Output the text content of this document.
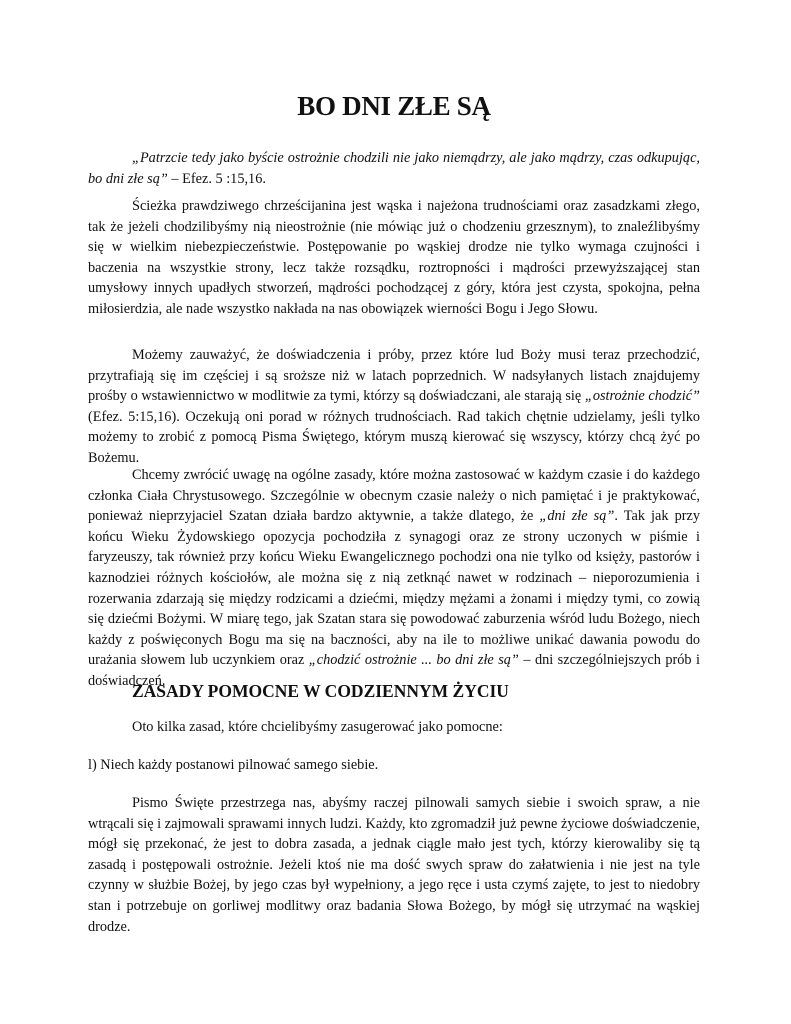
BO DNI ZŁE SĄ

„Patrzcie tedy jako byście ostrożnie chodzili nie jako niemądrzy, ale jako mądrzy, czas odkupując, bo dni złe są” – Efez. 5 :15,16.

Ścieżka prawdziwego chrześcijanina jest wąska i najeżona trudnościami oraz zasadzkami złego, tak że jeżeli chodzilibyśmy nią nieostrożnie (nie mówiąc już o chodzeniu grzesznym), to znaleźlibyśmy się w wielkim niebezpieczeństwie. Postępowanie po wąskiej drodze nie tylko wymaga czujności i baczenia na wszystkie strony, lecz także rozsądku, roztropności i mądrości przewyższającej stan umysłowy innych upadłych stworzeń, mądrości pochodzącej z góry, która jest czysta, spokojna, pełna miłosierdzia, ale nade wszystko nakłada na nas obowiązek wierności Bogu i Jego Słowu.

Możemy zauważyć, że doświadczenia i próby, przez które lud Boży musi teraz przechodzić, przytrafiają się im częściej i są sroższe niż w latach poprzednich. W nadsyłanych listach znajdujemy prośby o wstawiennictwo w modlitwie za tymi, którzy są doświadczani, ale starają się „ostrożnie chodzić” (Efez. 5:15,16). Oczekują oni porad w różnych trudnościach. Rad takich chętnie udzielamy, jeśli tylko możemy to zrobić z pomocą Pisma Świętego, którym muszą kierować się wszyscy, którzy chcą żyć po Bożemu.

Chcemy zwrócić uwagę na ogólne zasady, które można zastosować w każdym czasie i do każdego członka Ciała Chrystusowego. Szczególnie w obecnym czasie należy o nich pamiętać i je praktykować, ponieważ nieprzyjaciel Szatan działa bardzo aktywnie, a także dlatego, że „dni złe są”. Tak jak przy końcu Wieku Żydowskiego opozycja pochodziła z synagogi oraz ze strony uczonych w piśmie i faryzeuszy, tak również przy końcu Wieku Ewangelicznego pochodzi ona nie tylko od księży, pastorów i kaznodziei różnych kościołów, ale można się z nią zetknąć nawet w rodzinach – nieporozumienia i rozerwania zdarzają się między rodzicami a dziećmi, między mężami a żonami i między tymi, co zowią się dziećmi Bożymi. W miarę tego, jak Szatan stara się powodować zaburzenia wśród ludu Bożego, niech każdy z poświęconych Bogu ma się na baczności, aby na ile to możliwe unikać dawania powodu do urażania słowem lub uczynkiem oraz „chodzić ostrożnie ... bo dni złe są” – dni szczególniejszych prób i doświadczeń.

ZASADY POMOCNE W CODZIENNYM ŻYCIU

Oto kilka zasad, które chcielibyśmy zasugerować jako pomocne:

l) Niech każdy postanowi pilnować samego siebie.

Pismo Święte przestrzega nas, abyśmy raczej pilnowali samych siebie i swoich spraw, a nie wtrącali się i zajmowali sprawami innych ludzi. Każdy, kto zgromadził już pewne życiowe doświadczenie, mógł się przekonać, że jest to dobra zasada, a jednak ciągle mało jest tych, którzy kierowaliby się tą zasadą i postępowali ostrożnie. Jeżeli ktoś nie ma dość swych spraw do załatwienia i nie jest na tyle czynny w służbie Bożej, by jego czas był wypełniony, a jego ręce i usta czymś zajęte, to jest to niedobry stan i potrzebuje on gorliwej modlitwy oraz badania Słowa Bożego, by mógł się utrzymać na wąskiej drodze.
